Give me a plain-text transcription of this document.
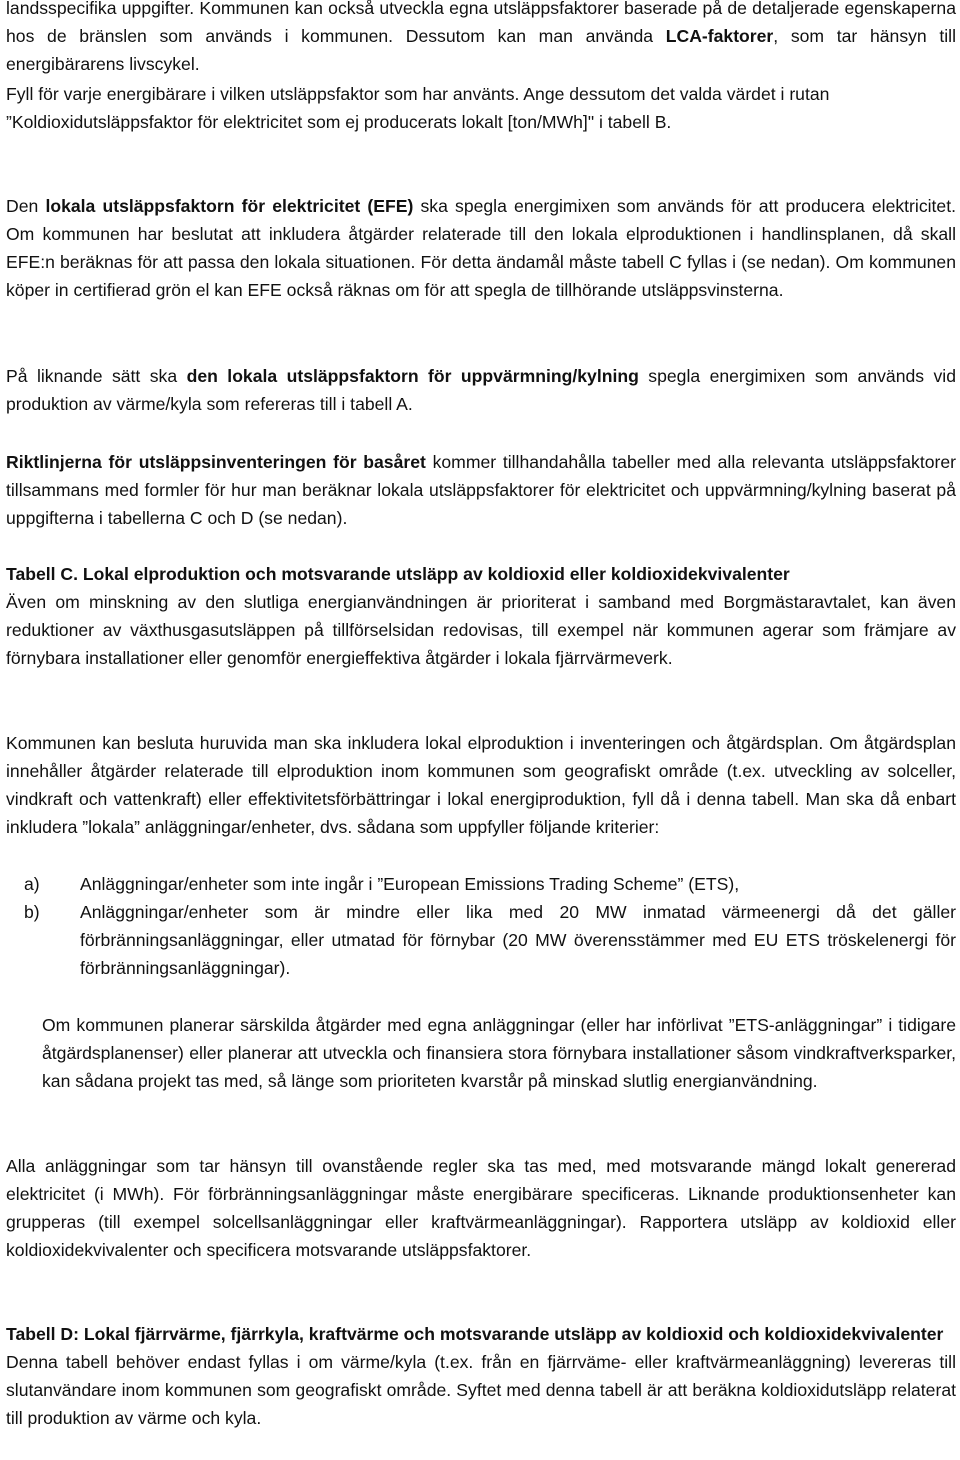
landsspecifika uppgifter. Kommunen kan också utveckla egna utsläppsfaktorer baserade på de detaljerade egenskaperna hos de bränslen som används i kommunen. Dessutom kan man använda LCA-faktorer, som tar hänsyn till energibärarens livscykel.

Fyll för varje energibärare i vilken utsläppsfaktor som har använts. Ange dessutom det valda värdet i rutan ”Koldioxidutsläppsfaktor för elektricitet som ej producerats lokalt [ton/MWh]" i tabell B.

Den lokala utsläppsfaktorn för elektricitet (EFE) ska spegla energimixen som används för att producera elektricitet. Om kommunen har beslutat att inkludera åtgärder relaterade till den lokala elproduktionen i handlinsplanen, då skall EFE:n beräknas för att passa den lokala situationen. För detta ändamål måste tabell C fyllas i (se nedan). Om kommunen köper in certifierad grön el kan EFE också räknas om för att spegla de tillhörande utsläppsvinsterna.

På liknande sätt ska den lokala utsläppsfaktorn för uppvärmning/kylning spegla energimixen som används vid produktion av värme/kyla som refereras till i tabell A.

Riktlinjerna för utsläppsinventeringen för basåret kommer tillhandahålla tabeller med alla relevanta utsläppsfaktorer tillsammans med formler för hur man beräknar lokala utsläppsfaktorer för elektricitet och uppvärmning/kylning baserat på uppgifterna i tabellerna C och D (se nedan).

Tabell C. Lokal elproduktion och motsvarande utsläpp av koldioxid eller koldioxidekvivalenter
Även om minskning av den slutliga energianvändningen är prioriterat i samband med Borgmästaravtalet, kan även reduktioner av växthusgasutsläppen på tillförselsidan redovisas, till exempel när kommunen agerar som främjare av förnybara installationer eller genomför energieffektiva åtgärder i lokala fjärrvärmeverk.

Kommunen kan besluta huruvida man ska inkludera lokal elproduktion i inventeringen och åtgärdsplan. Om åtgärdsplan innehåller åtgärder relaterade till elproduktion inom kommunen som geografiskt område (t.ex. utveckling av solceller, vindkraft och vattenkraft) eller effektivitetsförbättringar i lokal energiproduktion, fyll då i denna tabell. Man ska då enbart inkludera ”lokala” anläggningar/enheter, dvs. sådana som uppfyller följande kriterier:

a) Anläggningar/enheter som inte ingår i ”European Emissions Trading Scheme” (ETS),
b) Anläggningar/enheter som är mindre eller lika med 20 MW inmatad värmeenergi då det gäller förbränningsanläggningar, eller utmatad för förnybar (20 MW överensstämmer med EU ETS tröskelenergi för förbränningsanläggningar).

Om kommunen planerar särskilda åtgärder med egna anläggningar (eller har införlivat ”ETS-anläggningar” i tidigare åtgärdsplanenser) eller planerar att utveckla och finansiera stora förnybara installationer såsom vindkraftverksparker, kan sådana projekt tas med, så länge som prioriteten kvarstår på minskad slutlig energianvändning.

Alla anläggningar som tar hänsyn till ovanstående regler ska tas med, med motsvarande mängd lokalt genererad elektricitet (i MWh). För förbränningsanläggningar måste energibärare specificeras. Liknande produktionsenheter kan grupperas (till exempel solcellsanläggningar eller kraftvärmeanläggningar). Rapportera utsläpp av koldioxid eller koldioxidekvivalenter och specificera motsvarande utsläppsfaktorer.

Tabell D: Lokal fjärrvärme, fjärrkyla, kraftvärme och motsvarande utsläpp av koldioxid och koldioxidekvivalenter
Denna tabell behöver endast fyllas i om värme/kyla (t.ex. från en fjärrväme- eller kraftvärmeanläggning) levereras till slutanvändare inom kommunen som geografiskt område. Syftet med denna tabell är att beräkna koldioxidutsläpp relaterat till produktion av värme och kyla.
